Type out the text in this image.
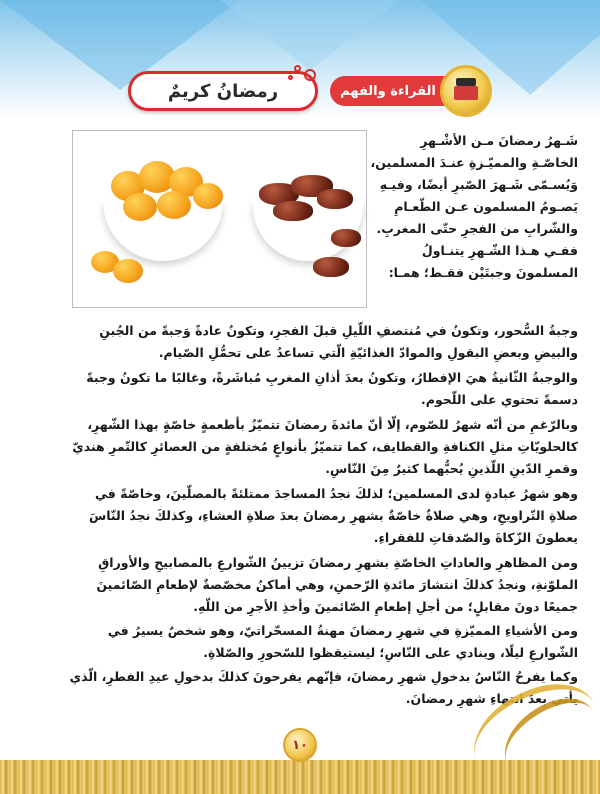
رمضانُ كريمٌ	القراءة والفهم
شَـهرُ رمضانَ مـن الأشْـهرِ الخاصّـةِ والمميّـزةِ عنـدَ المسلمين، وَيُسـمّى شَـهرَ الصّبرِ أيضًا، وفيـهِ يَصـومُ المسلمون عـن الطّعـامِ والشّرابِ من الفجرِ حتّى المغربِ. ففـي هـذا الشّـهرِ يتنـاولُ المسلمونَ وجبتَيْن فقـط؛ همـا:
وجبةُ السُّحور، وتكونُ في مُنتصفِ اللّيلِ قبلَ الفجرِ، وتكونُ عادةً وَجبةً من الجُبنِ والبيضِ وبعضِ البقولِ والموادّ الغذائيّةِ الّتي تساعدُ على تحمُّلِ الصّيام.
والوجبةُ الثّانيةُ هيَ الإفطارُ، وتكونُ بعدَ أذانِ المغربِ مُباشَرةً، وغالبًا ما تكونُ وجبةً دسمةً تحتوي على اللّحوم.
وبالرّغمِ من أنّه شهرُ للصّوم، إلّا أنّ مائدةَ رمضانَ تتميّزُ بأطعمةٍ خاصّةٍ بهذا الشّهرِ، كالحلويّاتِ مثلِ الكنافةِ والقطايف، كما تتميّزُ بأنواعٍ مُختلفةٍ من العصائرِ كالتّمرِ هنديّ وقمرِ الدّينِ اللّذينِ يُحبُّهما كثيرٌ مِنَ النّاسِ.
وهو شهرُ عبادةٍ لدى المسلمين؛ لذلكَ نجدُ المساجدَ ممتلئةً بالمصلّينَ، وخاصّةً في صلاةِ التّراويحِ، وهي صلاةٌ خاصّةٌ بشهرِ رمضانَ بعدَ صلاةِ العشاءِ، وكذلكَ نجدُ النّاسَ يعطونَ الزّكاةَ والصّدقاتِ للفقراءِ.
ومن المظاهرِ والعاداتِ الخاصّةِ بشهرِ رمضانَ تزيينُ الشّوارعِ بالمصابيحِ والأوراقِ الملوّنةِ، ونجدُ كذلكَ انتشارَ مائدةِ الرّحمنِ، وهي أماكنُ مخصّصةٌ لإطعامِ الصّائمينَ جميعًا دونَ مقابلٍ؛ من أجلِ إطعامِ الصّائمينَ وأخذِ الأجرِ من اللّهِ.
ومن الأشياءِ المميّزةِ في شهرِ رمضانَ مهنةُ المسحّراتيّ، وهو شخصٌ يسيرُ في الشّوارعِ ليلًا، وينادي على النّاسِ؛ ليستيقظوا للسّحورِ والصّلاةِ.
وكما يفرحُ النّاسُ بدخولِ شهرِ رمضانَ، فإنّهم يفرحونَ كذلكَ بدخولِ عيدِ الفطرِ، الّذي يأتي بعدَ انتهاءِ شهرِ رمضانَ.
١٠
